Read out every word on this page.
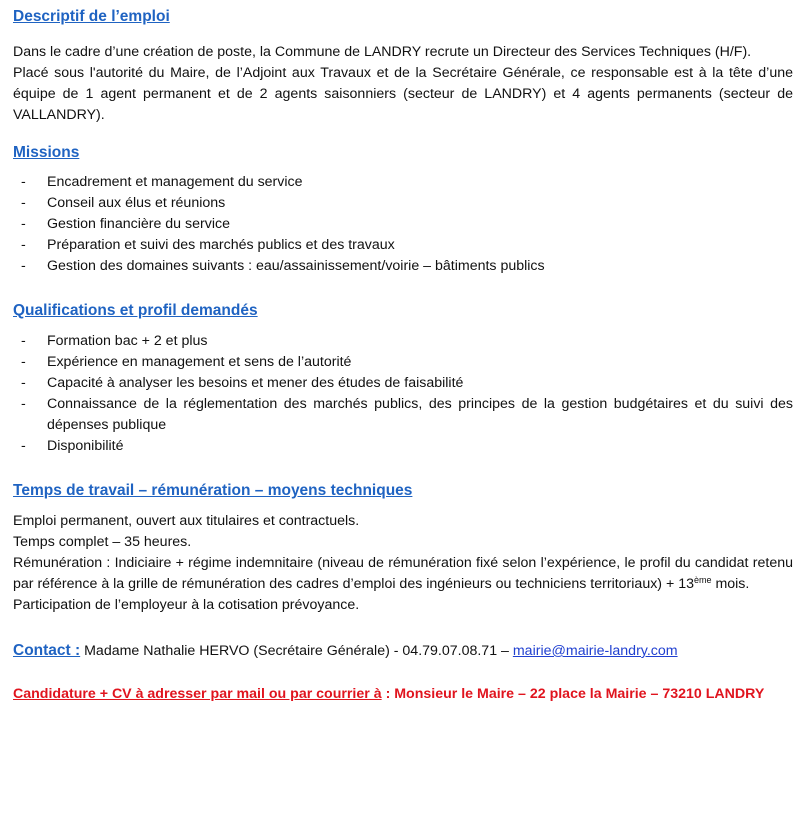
Descriptif de l’emploi

Dans le cadre d’une création de poste, la Commune de LANDRY recrute un Directeur des Services Techniques (H/F).

Placé sous l'autorité du Maire, de l’Adjoint aux Travaux et de la Secrétaire Générale, ce responsable est à la tête d’une équipe de 1 agent permanent et de 2 agents saisonniers (secteur de LANDRY) et 4 agents permanents (secteur de VALLANDRY).

Missions
- Encadrement et management du service
- Conseil aux élus et réunions
- Gestion financière du service
- Préparation et suivi des marchés publics et des travaux
- Gestion des domaines suivants : eau/assainissement/voirie – bâtiments publics
Qualifications et profil demandés
- Formation bac + 2 et plus
- Expérience en management et sens de l’autorité
- Capacité à analyser les besoins et mener des études de faisabilité
- Connaissance de la réglementation des marchés publics, des principes de la gestion budgétaires et du suivi des dépenses publique
- Disponibilité
Temps de travail – rémunération – moyens techniques

Emploi permanent, ouvert aux titulaires et contractuels.

Temps complet – 35 heures.

Rémunération : Indiciaire + régime indemnitaire (niveau de rémunération fixé selon l’expérience, le profil du candidat retenu par référence à la grille de rémunération des cadres d’emploi des ingénieurs ou techniciens territoriaux) + 13ème mois.

Participation de l’employeur à la cotisation prévoyance.

Contact : Madame Nathalie HERVO (Secrétaire Générale) - 04.79.07.08.71 – mairie@mairie-landry.com

Candidature + CV à adresser par mail ou par courrier à : Monsieur le Maire – 22 place la Mairie – 73210 LANDRY
